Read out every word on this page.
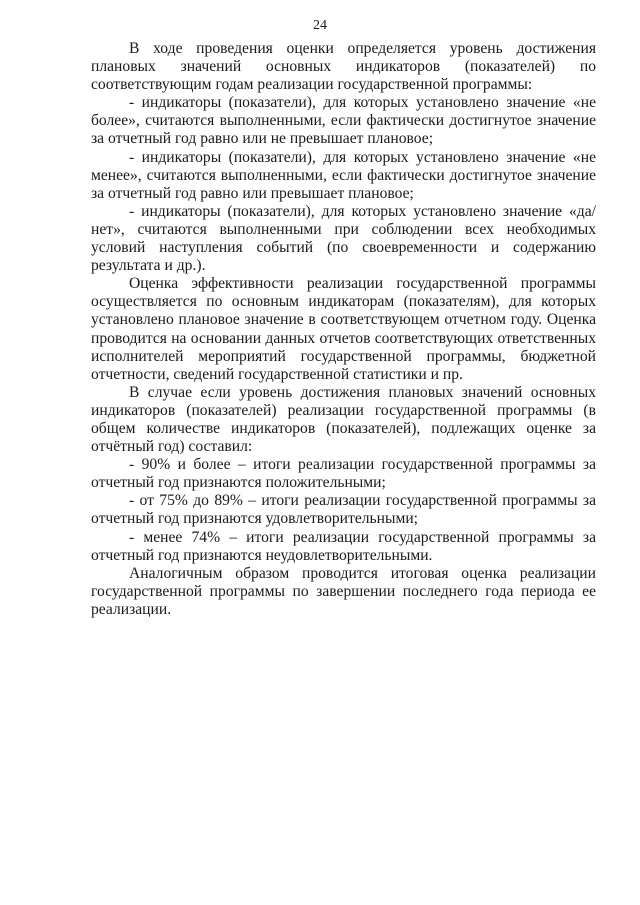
24

В ходе проведения оценки определяется уровень достижения плановых значений основных индикаторов (показателей) по соответствующим годам реализации государственной программы:

- индикаторы (показатели), для которых установлено значение «не более», считаются выполненными, если фактически достигнутое значение за отчетный год равно или не превышает плановое;

- индикаторы (показатели), для которых установлено значение «не менее», считаются выполненными, если фактически достигнутое значение за отчетный год равно или превышает плановое;

- индикаторы (показатели), для которых установлено значение «да/нет», считаются выполненными при соблюдении всех необходимых условий наступления событий (по своевременности и содержанию результата и др.).

Оценка эффективности реализации государственной программы осуществляется по основным индикаторам (показателям), для которых установлено плановое значение в соответствующем отчетном году. Оценка проводится на основании данных отчетов соответствующих ответственных исполнителей мероприятий государственной программы, бюджетной отчетности, сведений государственной статистики и пр.

В случае если уровень достижения плановых значений основных индикаторов (показателей) реализации государственной программы (в общем количестве индикаторов (показателей), подлежащих оценке за отчётный год) составил:

- 90% и более – итоги реализации государственной программы за отчетный год признаются положительными;

- от 75% до 89% – итоги реализации государственной программы за отчетный год признаются удовлетворительными;

- менее 74% – итоги реализации государственной программы за отчетный год признаются неудовлетворительными.

Аналогичным образом проводится итоговая оценка реализации государственной программы по завершении последнего года периода ее реализации.
